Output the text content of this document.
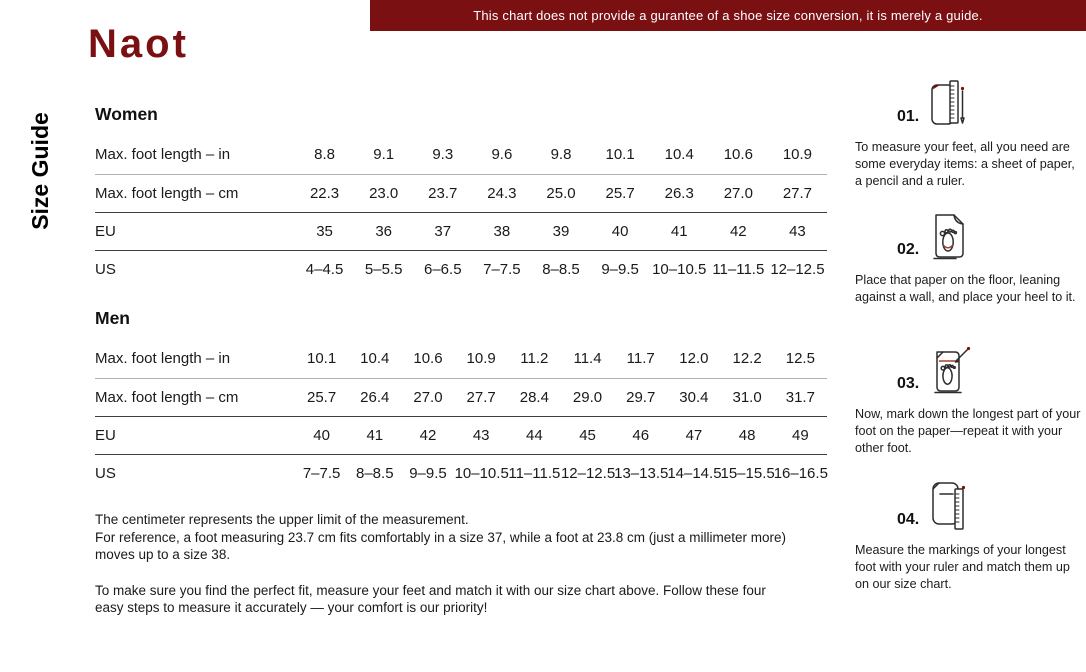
This chart does not provide a gurantee of a shoe size conversion, it is merely a guide.
Naot
Size Guide Women
Max. foot length – in	8.8	9.1	9.3	9.6	9.8	10.1	10.4	10.6	10.9
Max. foot length – cm	22.3	23.0	23.7	24.3	25.0	25.7	26.3	27.0	27.7
EU	35	36	37	38	39	40	41	42	43
US	4–4.5	5–5.5	6–6.5	7–7.5	8–8.5	9–9.5	10–10.5	11–11.5	12–12.5
Men
Max. foot length – in	10.1	10.4	10.6	10.9	11.2	11.4	11.7	12.0	12.2	12.5
Max. foot length – cm	25.7	26.4	27.0	27.7	28.4	29.0	29.7	30.4	31.0	31.7
EU	40	41	42	43	44	45	46	47	48	49
US	7–7.5	8–8.5	9–9.5	10–10.5	11–11.5	12–12.5	13–13.5	14–14.5	15–15.5	16–16.5

The centimeter represents the upper limit of the measurement.

For reference, a foot measuring 23.7 cm fits comfortably in a size 37, while a foot at 23.8 cm (just a millimeter more) moves up to a size 38.

To make sure you find the perfect fit, measure your feet and match it with our size chart above. Follow these four easy steps to measure it accurately — your comfort is our priority!

01.

To measure your feet, all you need are some everyday items: a sheet of paper, a pencil and a ruler.

02.

Place that paper on the floor, leaning against a wall, and place your heel to it.

03.

Now, mark down the longest part of your foot on the paper—repeat it with your other foot.

04.

Measure the markings of your longest foot with your ruler and match them up on our size chart.
